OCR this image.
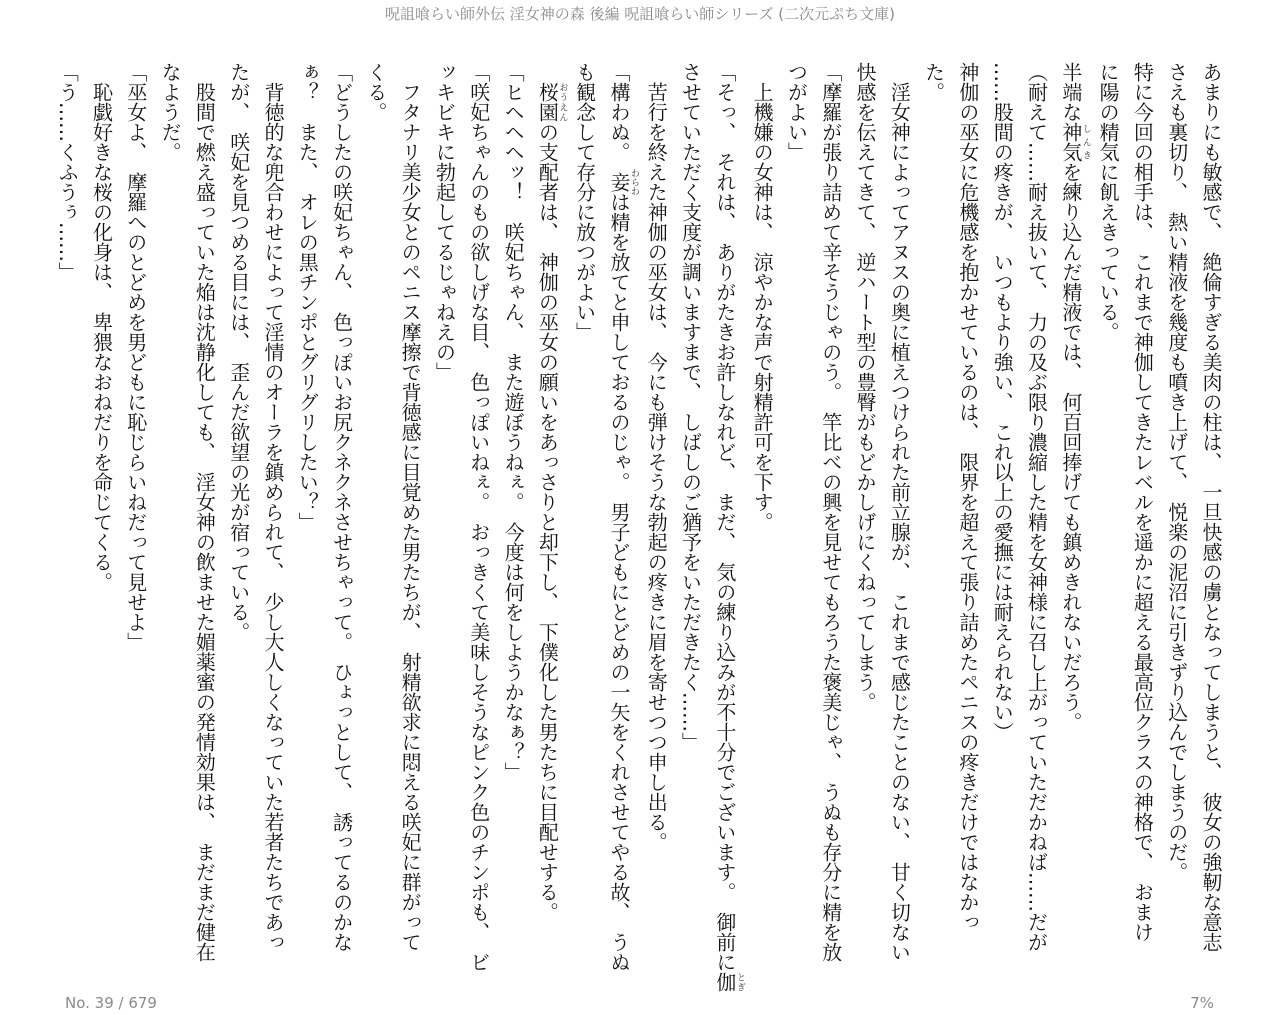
呪詛喰らい師外伝 淫女神の森 後編 呪詛喰らい師シリーズ (二次元ぷち文庫)
あまりにも敏感で、　絶倫すぎる美肉の柱は、　一旦快感の虜となってしまうと、　彼女の強靭な意志
さえも裏切り、　熱い精液を幾度も噴き上げて、　悦楽の泥沼に引きずり込んでしまうのだ。
特に今回の相手は、　これまで神伽してきたレベルを遥かに超える最高位クラスの神格で、　おまけ
に陽の精気に飢えきっている。
半端な神気しんきを練り込んだ精液では、　何百回捧げても鎮めきれないだろう。
（耐えて……耐え抜いて、　力の及ぶ限り濃縮した精を女神様に召し上がっていただかねば……だが
……股間の疼きが、　いつもより強い、　これ以上の愛撫には耐えられない）
神伽の巫女に危機感を抱かせているのは、　限界を超えて張り詰めたペニスの疼きだけではなかっ
た。
　淫女神によってアヌスの奥に植えつけられた前立腺が、　これまで感じたことのない、　甘く切ない
快感を伝えてきて、　逆ハート型の豊臀がもどかしげにくねってしまう。
「摩羅が張り詰めて辛そうじゃのう。　竿比べの興を見せてもろうた褒美じゃ、　うぬも存分に精を放
つがよい」
　上機嫌の女神は、　涼やかな声で射精許可を下す。
「そっ、　それは、　ありがたきお許しなれど、　まだ、　気の練り込みが不十分でございます。　御前に伽とぎ
させていただく支度が調いますまで、　しばしのご猶予をいただきたく……」
　苦行を終えた神伽の巫女は、　今にも弾けそうな勃起の疼きに眉を寄せつつ申し出る。
「構わぬ。　妾わらわは精を放てと申しておるのじゃ。　男子どもにとどめの一矢をくれさせてやる故、　うぬ
も観念して存分に放つがよい」
　桜園おうえんの支配者は、　神伽の巫女の願いをあっさりと却下し、　下僕化した男たちに目配せする。
「ヒヘヘヘッ！　咲妃ちゃん、　また遊ぼうねぇ。　今度は何をしようかなぁ？」
「咲妃ちゃんのもの欲しげな目、　色っぽいねぇ。　おっきくて美味しそうなピンク色のチンポも、　ビ
ッキビキに勃起してるじゃねえの」
　フタナリ美少女とのペニス摩擦で背徳感に目覚めた男たちが、　射精欲求に悶える咲妃に群がって
くる。
「どうしたの咲妃ちゃん、　色っぽいお尻クネクネさせちゃって。　ひょっとして、　誘ってるのかな
ぁ？　また、　オレの黒チンポとグリグリしたい？」
　背徳的な兜合わせによって淫情のオーラを鎮められて、　少し大人しくなっていた若者たちであっ
たが、　咲妃を見つめる目には、　歪んだ欲望の光が宿っている。
　股間で燃え盛っていた焔は沈静化しても、　淫女神の飲ませた媚薬蜜の発情効果は、　まだまだ健在
なようだ。
「巫女よ、　摩羅へのとどめを男どもに恥じらいねだって見せよ」
　恥戯好きな桜の化身は、　卑猥なおねだりを命じてくる。
「う……くふうぅ……」
No. 39 / 679	7%
